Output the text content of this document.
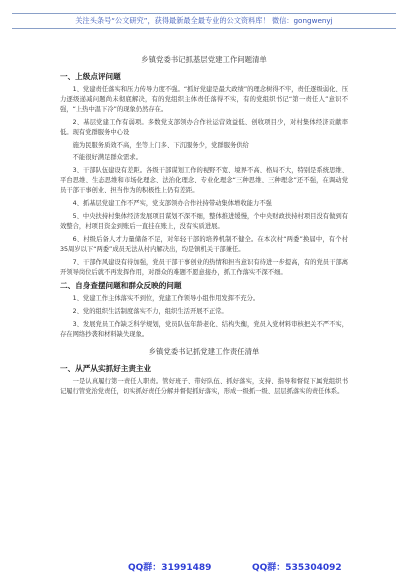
关注头条号“公文研究”，获得最新最全最专业的公文资料库！ 微信：gongwenyj
乡镇党委书记抓基层党建工作问题清单
一、上级点评问题

1、党建责任落实和压力传导力度不强。“抓好党建是最大政绩”的理念树得不牢，责任逐级弱化、压力逐级递减问题尚未彻底解决，有的党组织主体责任落得不实，有的党组织书记“第一责任人”意识不强，“上热中温下冷”的现象仍然存在。

2、基层党建工作有弱项。多数党支部领办合作社运营效益低、创收项目少，对村集体经济贡献率低。现有党群服务中心设

施为民服务质效不高，坐等上门多、下沉服务少，党群服务供给

不能很好满足群众需求。

3、干部队伍建设有差距。各级干部谋划工作的视野不宽、境界不高、格局不大，特别是系统思维、平台思维、生态思维和市场化理念、法治化理念、专业化理念“三种思维、三种理念”还不强，在调动党员干部干事创业、担当作为的积极性上仍有差距。

4、抓基层党建工作不严实，党支部领办合作社持带动集体增收能力不强

5、中央扶持村集体经济发展项目谋划不深不细，整体推进缓慢，个中央财政扶持村项目没有做到有效整合，村项目资金到账后一直挂在账上，没有实质进展。

6、村级后备人才力量储备不足，对年轻干部的培养机制不健全。在本次村“两委”换届中，有个村35周岁以下“两委”成员无法从村内解决出，均是镇机关干部兼任。

7、干部作风建设有待加强，党员干部干事创业的热情和担当意识有待进一步提高，有的党员干部离开领导岗位后就不再发挥作用，对群众的难题不愿意接办，抓工作落实不深不细。

二、自身查摆问题和群众反映的问题

1、党建工作主体落实不到位，党建工作领导小组作用发挥不充分。

2、党的组织生活制度落实不力，组织生活开展不正常。

3、发展党员工作缺乏科学规划，党员队伍年龄老化、结构失衡，党员入党材料审核把关不严不实，存在网络抄袭和材料缺失现象。

乡镇党委书记抓党建工作责任清单
一、从严从实抓好主责主业

一是认真履行第一责任人职责。管好班子、带好队伍、抓好落实，支持、指导和督促下属党组织书记履行管党治党责任，切实抓好责任分解并督促抓好落实，形成一级抓一级、层层抓落实的责任体系。

QQ群：31991489	QQ群：535304092
